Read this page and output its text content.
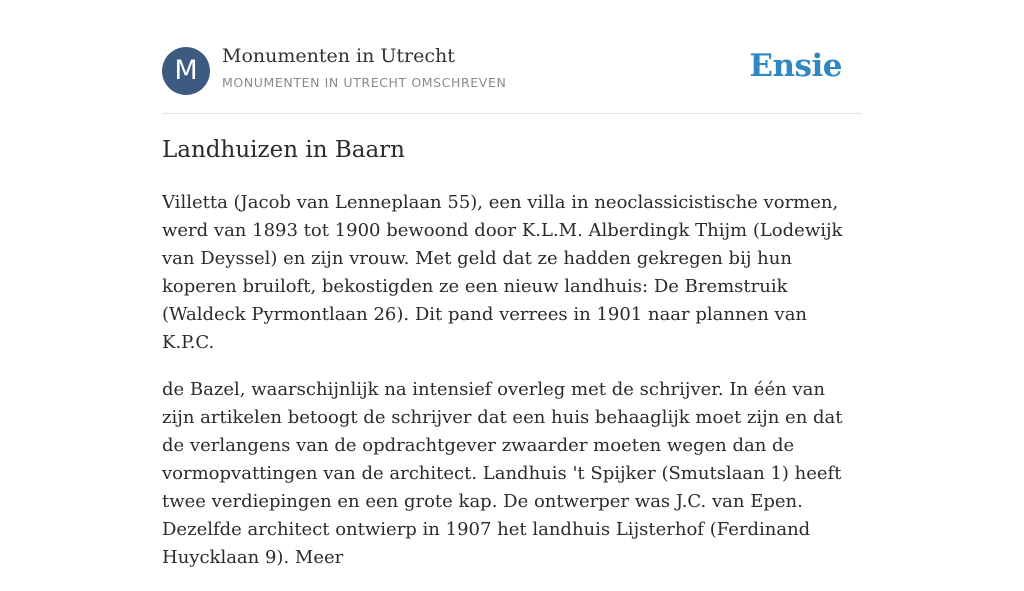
M	Monumenten in Utrecht
MONUMENTEN IN UTRECHT OMSCHREVEN	Ensie
Landhuizen in Baarn

Villetta (Jacob van Lenneplaan 55), een villa in neoclassicistische vormen, werd van 1893 tot 1900 bewoond door K.L.M. Alberdingk Thijm (Lodewijk van Deyssel) en zijn vrouw. Met geld dat ze hadden gekregen bij hun koperen bruiloft, bekostigden ze een nieuw landhuis: De Bremstruik (Waldeck Pyrmontlaan 26). Dit pand verrees in 1901 naar plannen van K.P.C.

de Bazel, waarschijnlijk na intensief overleg met de schrijver. In één van zijn artikelen betoogt de schrijver dat een huis behaaglijk moet zijn en dat de verlangens van de opdrachtgever zwaarder moeten wegen dan de vormopvattingen van de architect. Landhuis 't Spijker (Smutslaan 1) heeft twee verdiepingen en een grote kap. De ontwerper was J.C. van Epen. Dezelfde architect ontwierp in 1907 het landhuis Lijsterhof (Ferdinand Huycklaan 9). Meer
